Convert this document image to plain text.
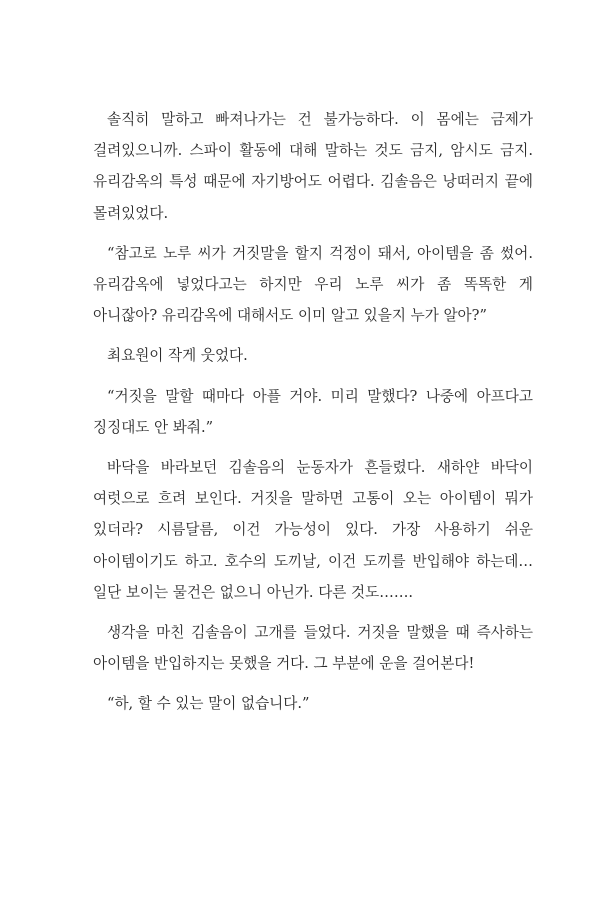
솔직히 말하고 빠져나가는 건 불가능하다. 이 몸에는 금제가 걸려있으니까. 스파이 활동에 대해 말하는 것도 금지, 암시도 금지. 유리감옥의 특성 때문에 자기방어도 어렵다. 김솔음은 낭떠러지 끝에 몰려있었다.

“참고로 노루 씨가 거짓말을 할지 걱정이 돼서, 아이템을 좀 썼어. 유리감옥에 넣었다고는 하지만 우리 노루 씨가 좀 똑똑한 게 아니잖아? 유리감옥에 대해서도 이미 알고 있을지 누가 알아?”

최요원이 작게 웃었다.

“거짓을 말할 때마다 아플 거야. 미리 말했다? 나중에 아프다고 징징대도 안 봐줘.”

바닥을 바라보던 김솔음의 눈동자가 흔들렸다. 새하얀 바닥이 여럿으로 흐려 보인다. 거짓을 말하면 고통이 오는 아이템이 뭐가 있더라? 시름달름, 이건 가능성이 있다. 가장 사용하기 쉬운 아이템이기도 하고. 호수의 도끼날, 이건 도끼를 반입해야 하는데… 일단 보이는 물건은 없으니 아닌가. 다른 것도…….

생각을 마친 김솔음이 고개를 들었다. 거짓을 말했을 때 즉사하는 아이템을 반입하지는 못했을 거다. 그 부분에 운을 걸어본다!

“하, 할 수 있는 말이 없습니다.”
